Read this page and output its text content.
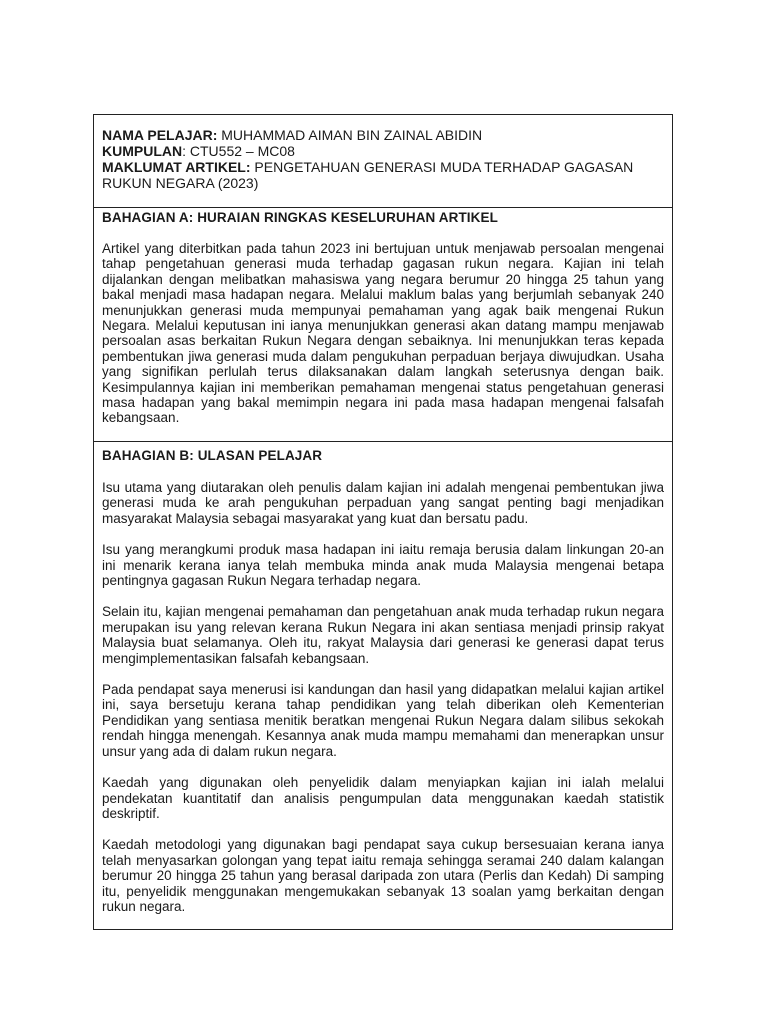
NAMA PELAJAR: MUHAMMAD AIMAN BIN ZAINAL ABIDIN
KUMPULAN: CTU552 – MC08
MAKLUMAT ARTIKEL: PENGETAHUAN GENERASI MUDA TERHADAP GAGASAN RUKUN NEGARA (2023)
BAHAGIAN A: HURAIAN RINGKAS KESELURUHAN ARTIKEL

Artikel yang diterbitkan pada tahun 2023 ini bertujuan untuk menjawab persoalan mengenai tahap pengetahuan generasi muda terhadap gagasan rukun negara. Kajian ini telah dijalankan dengan melibatkan mahasiswa yang negara berumur 20 hingga 25 tahun yang bakal menjadi masa hadapan negara. Melalui maklum balas yang berjumlah sebanyak 240 menunjukkan generasi muda mempunyai pemahaman yang agak baik mengenai Rukun Negara. Melalui keputusan ini ianya menunjukkan generasi akan datang mampu menjawab persoalan asas berkaitan Rukun Negara dengan sebaiknya. Ini menunjukkan teras kepada pembentukan jiwa generasi muda dalam pengukuhan perpaduan berjaya diwujudkan. Usaha yang signifikan perlulah terus dilaksanakan dalam langkah seterusnya dengan baik. Kesimpulannya kajian ini memberikan pemahaman mengenai status pengetahuan generasi masa hadapan yang bakal memimpin negara ini pada masa hadapan mengenai falsafah kebangsaan.

BAHAGIAN B: ULASAN PELAJAR

Isu utama yang diutarakan oleh penulis dalam kajian ini adalah mengenai pembentukan jiwa generasi muda ke arah pengukuhan perpaduan yang sangat penting bagi menjadikan masyarakat Malaysia sebagai masyarakat yang kuat dan bersatu padu.

Isu yang merangkumi produk masa hadapan ini iaitu remaja berusia dalam linkungan 20-an ini menarik kerana ianya telah membuka minda anak muda Malaysia mengenai betapa pentingnya gagasan Rukun Negara terhadap negara.

Selain itu, kajian mengenai pemahaman dan pengetahuan anak muda terhadap rukun negara merupakan isu yang relevan kerana Rukun Negara ini akan sentiasa menjadi prinsip rakyat Malaysia buat selamanya. Oleh itu, rakyat Malaysia dari generasi ke generasi dapat terus mengimplementasikan falsafah kebangsaan.

Pada pendapat saya menerusi isi kandungan dan hasil yang didapatkan melalui kajian artikel ini, saya bersetuju kerana tahap pendidikan yang telah diberikan oleh Kementerian Pendidikan yang sentiasa menitik beratkan mengenai Rukun Negara dalam silibus sekokah rendah hingga menengah. Kesannya anak muda mampu memahami dan menerapkan unsur unsur yang ada di dalam rukun negara.

Kaedah yang digunakan oleh penyelidik dalam menyiapkan kajian ini ialah melalui pendekatan kuantitatif dan analisis pengumpulan data menggunakan kaedah statistik deskriptif.

Kaedah metodologi yang digunakan bagi pendapat saya cukup bersesuaian kerana ianya telah menyasarkan golongan yang tepat iaitu remaja sehingga seramai 240 dalam kalangan berumur 20 hingga 25 tahun yang berasal daripada zon utara (Perlis dan Kedah) Di samping itu, penyelidik menggunakan mengemukakan sebanyak 13 soalan yamg berkaitan dengan rukun negara.
